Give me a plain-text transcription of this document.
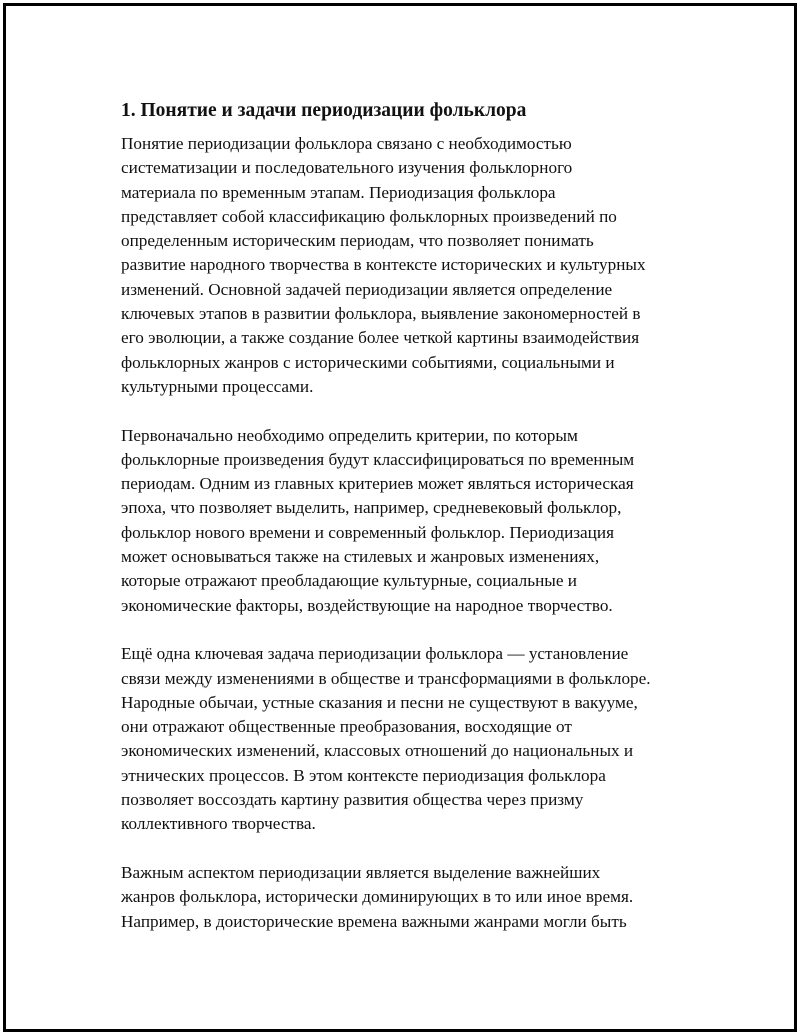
1. Понятие и задачи периодизации фольклора

Понятие периодизации фольклора связано с необходимостью
систематизации и последовательного изучения фольклорного
материала по временным этапам. Периодизация фольклора
представляет собой классификацию фольклорных произведений по
определенным историческим периодам, что позволяет понимать
развитие народного творчества в контексте исторических и культурных
изменений. Основной задачей периодизации является определение
ключевых этапов в развитии фольклора, выявление закономерностей в
его эволюции, а также создание более четкой картины взаимодействия
фольклорных жанров с историческими событиями, социальными и
культурными процессами.

Первоначально необходимо определить критерии, по которым
фольклорные произведения будут классифицироваться по временным
периодам. Одним из главных критериев может являться историческая
эпоха, что позволяет выделить, например, средневековый фольклор,
фольклор нового времени и современный фольклор. Периодизация
может основываться также на стилевых и жанровых изменениях,
которые отражают преобладающие культурные, социальные и
экономические факторы, воздействующие на народное творчество.

Ещё одна ключевая задача периодизации фольклора — установление
связи между изменениями в обществе и трансформациями в фольклоре.
Народные обычаи, устные сказания и песни не существуют в вакууме,
они отражают общественные преобразования, восходящие от
экономических изменений, классовых отношений до национальных и
этнических процессов. В этом контексте периодизация фольклора
позволяет воссоздать картину развития общества через призму
коллективного творчества.

Важным аспектом периодизации является выделение важнейших
жанров фольклора, исторически доминирующих в то или иное время.
Например, в доисторические времена важными жанрами могли быть
